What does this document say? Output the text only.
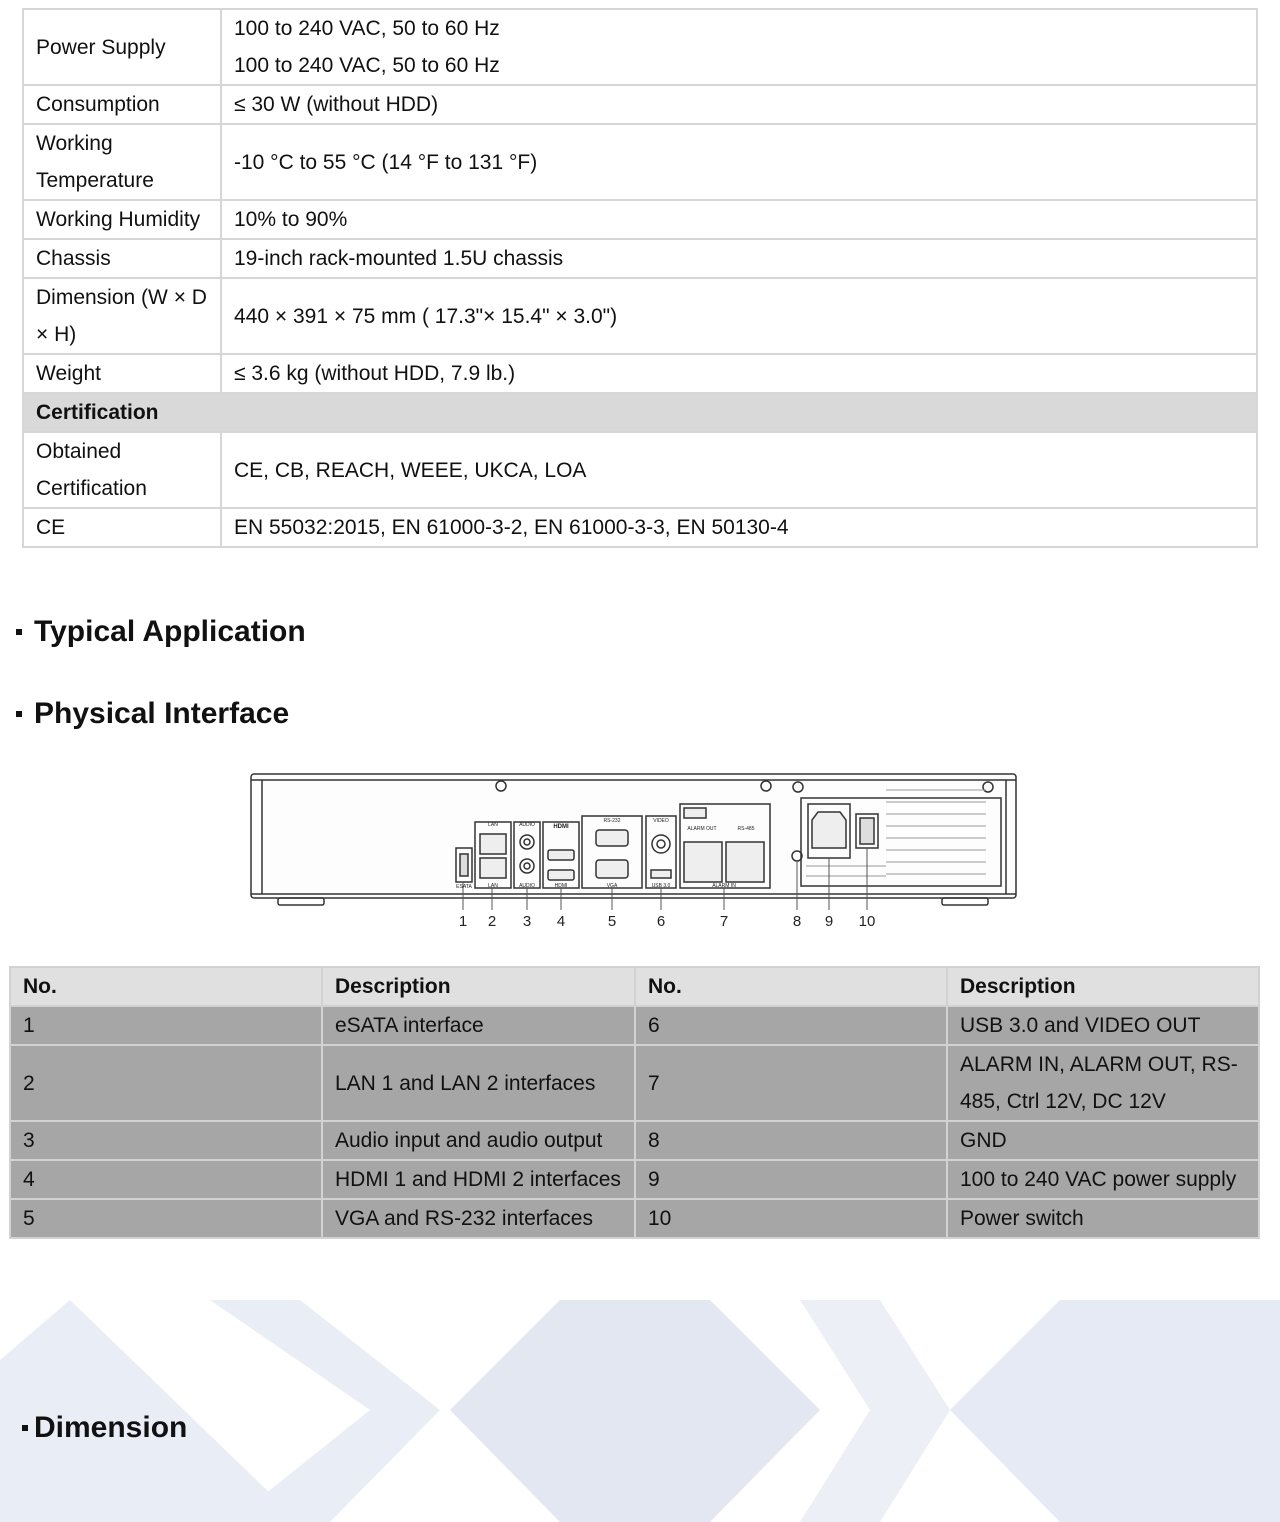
Power Supply	100 to 240 VAC, 50 to 60 Hz
100 to 240 VAC, 50 to 60 Hz

Consumption	≤ 30 W (without HDD)
Working Temperature	-10 °C to 55 °C (14 °F to 131 °F)
Working Humidity	10% to 90%
Chassis	19-inch rack-mounted 1.5U chassis
Dimension (W × D × H)	440 × 391 × 75 mm ( 17.3"× 15.4" × 3.0")
Weight	≤ 3.6 kg (without HDD, 7.9 lb.)
Certification	
Obtained Certification	CE, CB, REACH, WEEE, UKCA, LOA
CE	EN 55032:2015, EN 61000-3-2, EN 61000-3-3, EN 50130-4
Typical Application
Physical Interface
ESATA
LAN
LAN
AUDIO
AUDIO
HDMI
HDMI
RS-232
VGA
VIDEO
USB 3.0
ALARM OUT	RS-485
ALARM IN
1 2 3 4	5	6	7	8 9 10
No.	Description	No.	Description
1	eSATA interface	6	USB 3.0 and VIDEO OUT
2	LAN 1 and LAN 2 interfaces	7	ALARM IN, ALARM OUT, RS-485, Ctrl 12V, DC 12V
3	Audio input and audio output	8	GND
4	HDMI 1 and HDMI 2 interfaces	9	100 to 240 VAC power supply
5	VGA and RS-232 interfaces	10	Power switch
Dimension
